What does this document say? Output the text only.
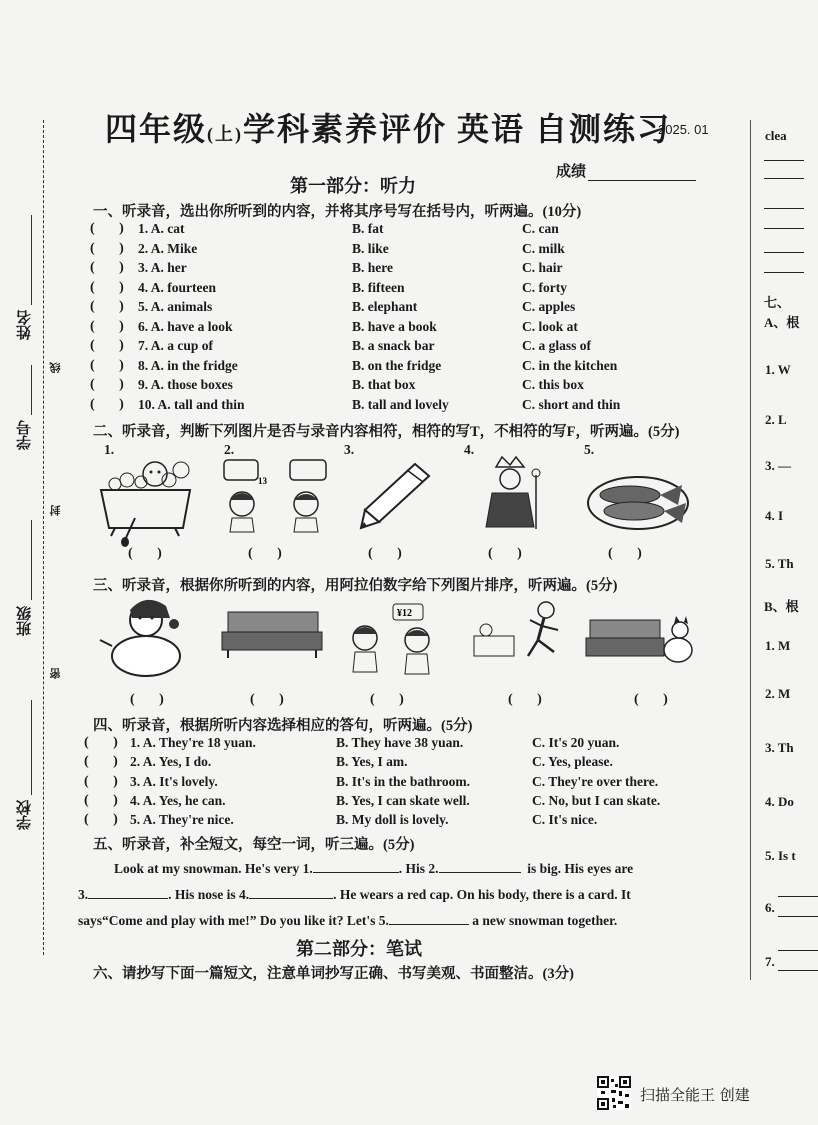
姓名
线
学号
封
班级
密
学校
四年级(上)学科素养评价 英语 自测练习
2025. 01
成绩
第一部分：听力
一、听录音，选出你所听到的内容，并将其序号写在括号内，听两遍。(10分)
(       ) 1. A. cat	B. fat	C. can
(       ) 2. A. Mike	B. like	C. milk
(       ) 3. A. her	B. here	C. hair
(       ) 4. A. fourteen	B. fifteen	C. forty
(       ) 5. A. animals	B. elephant	C. apples
(       ) 6. A. have a look	B. have a book	C. look at
(       ) 7. A. a cup of	B. a snack bar	C. a glass of
(       ) 8. A. in the fridge	B. on the fridge	C. in the kitchen
(       ) 9. A. those boxes	B. that box	C. this box
(       ) 10. A. tall and thin	B. tall and lovely	C. short and thin
二、听录音，判断下列图片是否与录音内容相符，相符的写T，不相符的写F，听两遍。(5分)
1.	2.	3.	4.	5.
13
(       )	(       )	(       )	(       )	(       )
三、听录音，根据你所听到的内容，用阿拉伯数字给下列图片排序，听两遍。(5分)
¥12
(       )	(       )	(       )	(       )	(       )
四、听录音，根据所听内容选择相应的答句，听两遍。(5分)
(       ) 1. A. They're 18 yuan.	B. They have 38 yuan.	C. It's 20 yuan.
(       ) 2. A. Yes, I do.	B. Yes, I am.	C. Yes, please.
(       ) 3. A. It's lovely.	B. It's in the bathroom.	C. They're over there.
(       ) 4. A. Yes, he can.	B. Yes, I can skate well.	C. No, but I can skate.
(       ) 5. A. They're nice.	B. My doll is lovely.	C. It's nice.
五、听录音，补全短文，每空一词，听三遍。(5分)
Look at my snowman. He's very 1.	. His 2.	is big. His eyes are
3.	. His nose is 4.	. He wears a red cap. On his body, there is a card. It
says“Come and play with me!” Do you like it? Let's 5.	a new snowman together.
第二部分：笔试
六、请抄写下面一篇短文，注意单词抄写正确、书写美观、书面整洁。(3分)
clea
七、
A、根
1. W
2. L
3. —
4. I
5. Th
B、根
1. M
2. M
3. Th
4. Do
5. Is t
6.
7.
扫描全能王 创建
